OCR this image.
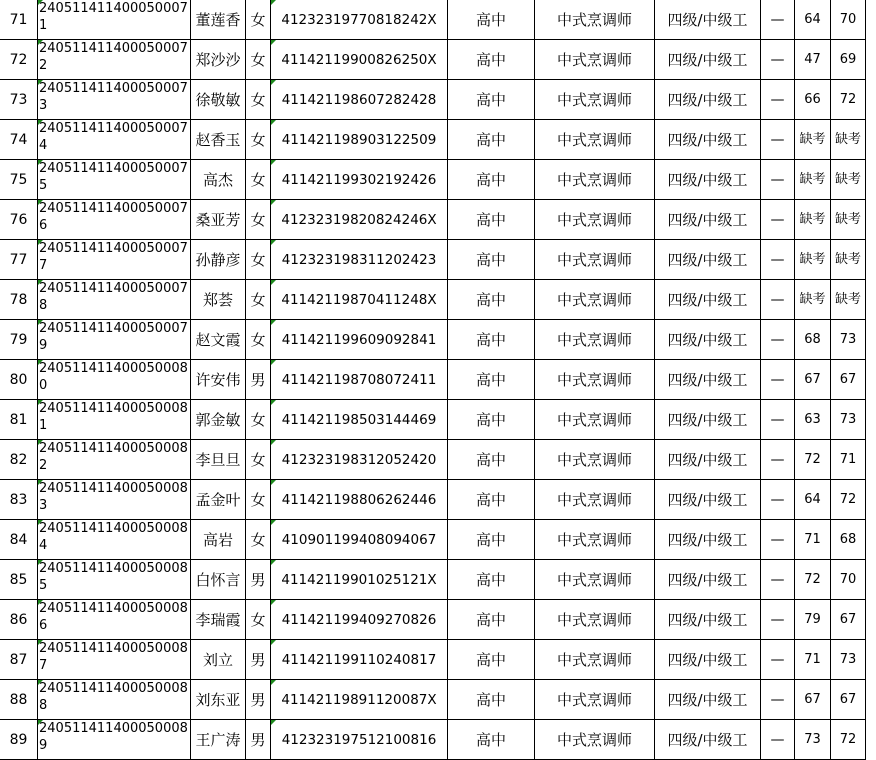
71	2405114114000500071	董莲香	女	41232319770818242X	高中	中式烹调师	四级/中级工	—	64	70
72	2405114114000500072	郑沙沙	女	41142119900826250X	高中	中式烹调师	四级/中级工	—	47	69
73	2405114114000500073	徐敬敏	女	411421198607282428	高中	中式烹调师	四级/中级工	—	66	72
74	2405114114000500074	赵香玉	女	411421198903122509	高中	中式烹调师	四级/中级工	—	缺考	缺考
75	2405114114000500075	高杰	女	411421199302192426	高中	中式烹调师	四级/中级工	—	缺考	缺考
76	2405114114000500076	桑亚芳	女	41232319820824246X	高中	中式烹调师	四级/中级工	—	缺考	缺考
77	2405114114000500077	孙静彦	女	412323198311202423	高中	中式烹调师	四级/中级工	—	缺考	缺考
78	2405114114000500078	郑荟	女	41142119870411248X	高中	中式烹调师	四级/中级工	—	缺考	缺考
79	2405114114000500079	赵文霞	女	411421199609092841	高中	中式烹调师	四级/中级工	—	68	73
80	2405114114000500080	许安伟	男	411421198708072411	高中	中式烹调师	四级/中级工	—	67	67
81	2405114114000500081	郭金敏	女	411421198503144469	高中	中式烹调师	四级/中级工	—	63	73
82	2405114114000500082	李旦旦	女	412323198312052420	高中	中式烹调师	四级/中级工	—	72	71
83	2405114114000500083	孟金叶	女	411421198806262446	高中	中式烹调师	四级/中级工	—	64	72
84	2405114114000500084	高岩	女	410901199408094067	高中	中式烹调师	四级/中级工	—	71	68
85	2405114114000500085	白怀言	男	41142119901025121X	高中	中式烹调师	四级/中级工	—	72	70
86	2405114114000500086	李瑞霞	女	411421199409270826	高中	中式烹调师	四级/中级工	—	79	67
87	2405114114000500087	刘立	男	411421199110240817	高中	中式烹调师	四级/中级工	—	71	73
88	2405114114000500088	刘东亚	男	41142119891120087X	高中	中式烹调师	四级/中级工	—	67	67
89	2405114114000500089	王广涛	男	412323197512100816	高中	中式烹调师	四级/中级工	—	73	72
